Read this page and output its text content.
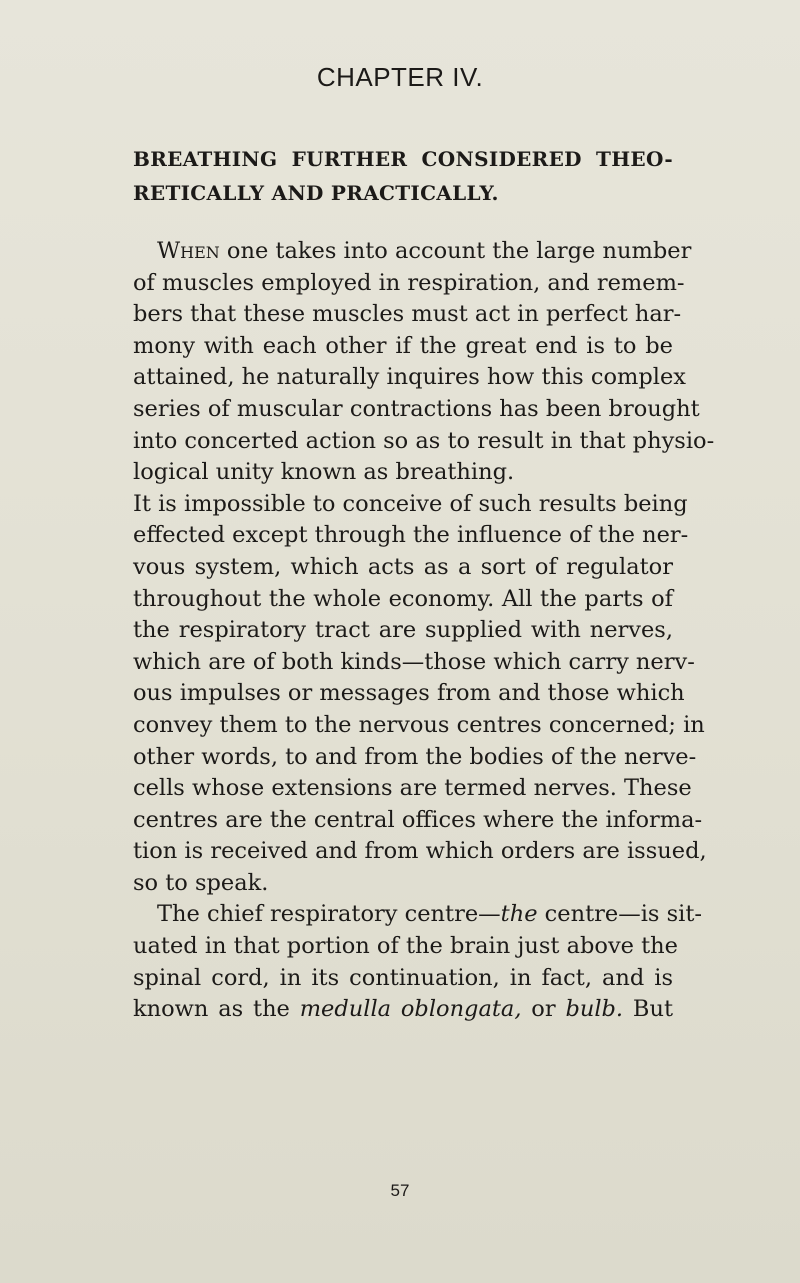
CHAPTER IV.
BREATHING FURTHER CONSIDERED THEO-
RETICALLY AND PRACTICALLY.
When one takes into account the large number
of muscles employed in respiration, and remem-
bers that these muscles must act in perfect har-
mony with each other if the great end is to be
attained, he naturally inquires how this complex
series of muscular contractions has been brought
into concerted action so as to result in that physio-
logical unity known as breathing.
It is impossible to conceive of such results being
effected except through the influence of the ner-
vous system, which acts as a sort of regulator
throughout the whole economy. All the parts of
the respiratory tract are supplied with nerves,
which are of both kinds—those which carry nerv-
ous impulses or messages from and those which
convey them to the nervous centres concerned; in
other words, to and from the bodies of the nerve-
cells whose extensions are termed nerves. These
centres are the central offices where the informa-
tion is received and from which orders are issued,
so to speak.
The chief respiratory centre—the centre—is sit-
uated in that portion of the brain just above the
spinal cord, in its continuation, in fact, and is
known as the medulla oblongata, or bulb. But
57
